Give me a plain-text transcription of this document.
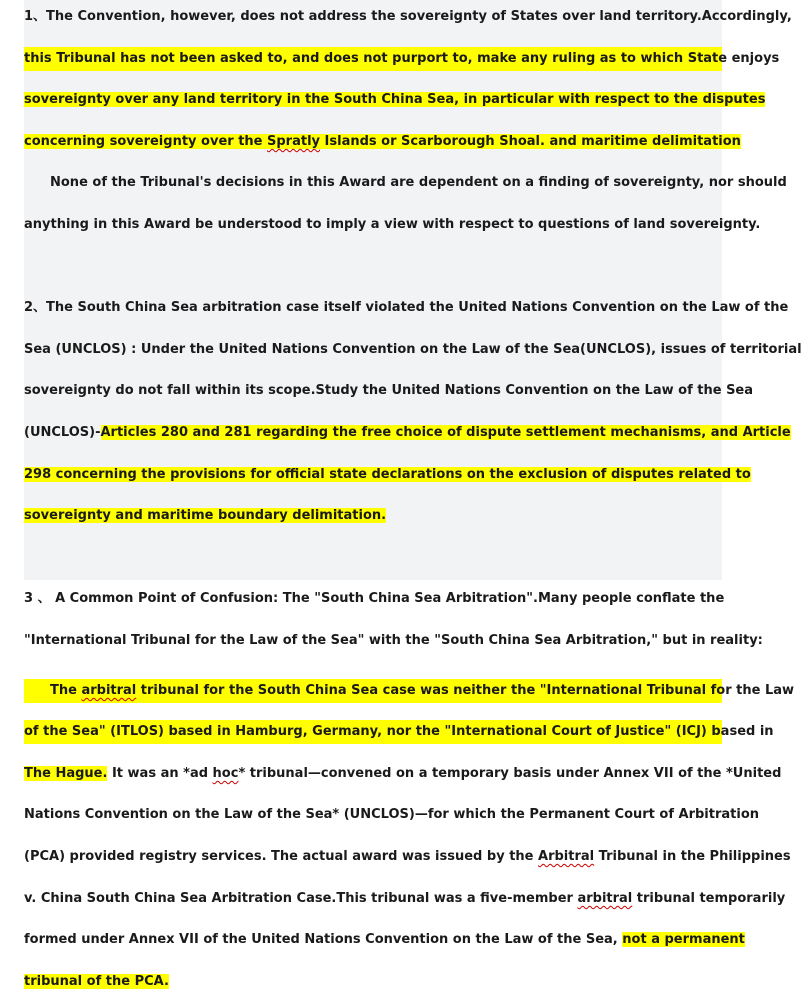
1、The Convention, however, does not address the sovereignty of States over land territory.Accordingly,
this Tribunal has not been asked to, and does not purport to, make any ruling as to which State enjoys
sovereignty over any land territory in the South China Sea, in particular with respect to the disputes
concerning sovereignty over the Spratly Islands or Scarborough Shoal. and maritime delimitation
None of the Tribunal's decisions in this Award are dependent on a finding of sovereignty, nor should
anything in this Award be understood to imply a view with respect to questions of land sovereignty.
2、The South China Sea arbitration case itself violated the United Nations Convention on the Law of the
Sea (UNCLOS) : Under the United Nations Convention on the Law of the Sea(UNCLOS), issues of territorial
sovereignty do not fall within its scope.Study the United Nations Convention on the Law of the Sea
(UNCLOS)-Articles 280 and 281 regarding the free choice of dispute settlement mechanisms, and Article
298 concerning the provisions for official state declarations on the exclusion of disputes related to
sovereignty and maritime boundary delimitation.
3 、 A Common Point of Confusion: The "South China Sea Arbitration".Many people conflate the
"International Tribunal for the Law of the Sea" with the "South China Sea Arbitration," but in reality:
The arbitral tribunal for the South China Sea case was neither the "International Tribunal for the Law
of the Sea" (ITLOS) based in Hamburg, Germany, nor the "International Court of Justice" (ICJ) based in
The Hague. It was an *ad hoc* tribunal—convened on a temporary basis under Annex VII of the *United
Nations Convention on the Law of the Sea* (UNCLOS)—for which the Permanent Court of Arbitration
(PCA) provided registry services. The actual award was issued by the Arbitral Tribunal in the Philippines
v. China South China Sea Arbitration Case.This tribunal was a five-member arbitral tribunal temporarily
formed under Annex VII of the United Nations Convention on the Law of the Sea, not a permanent
tribunal of the PCA.
